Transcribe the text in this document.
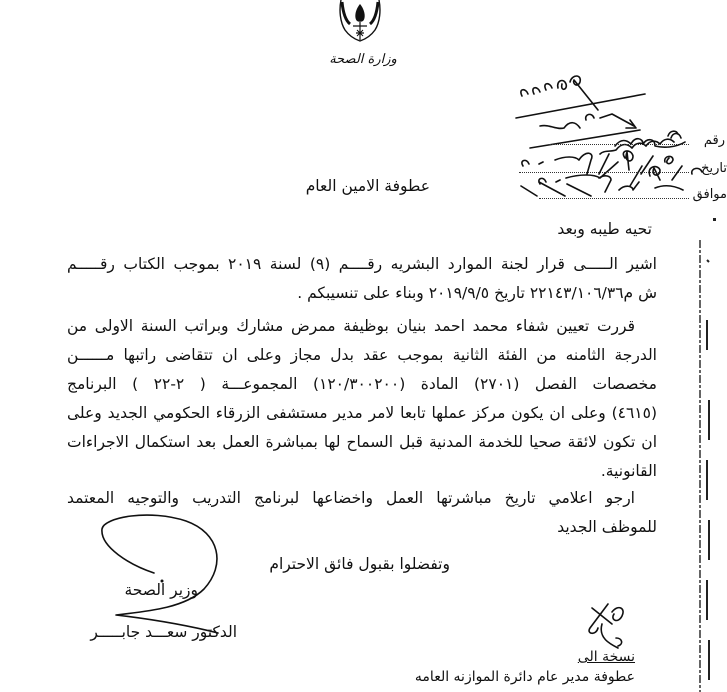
وزارة الصحة
رقم
تاريخ
موافق
عطوفة الامين العام
تحيه طيبه وبعد
اشير الـــــى قرار لجنة الموارد البشريه رقــــم (٩) لسنة ٢٠١٩ بموجب الكتاب رقـــــم
ش م٢٢١٤٣/١٠٦/٣٦ تاريخ ٢٠١٩/٩/٥ وبناء على تنسيبكم .
قررت تعيين شفاء محمد احمد بنيان بوظيفة ممرض مشارك وبراتب السنة الاولى من
الدرجة الثامنه من الفئة الثانية بموجب عقد بدل مجاز وعلى ان تتقاضى راتبها مــــــن
مخصصات الفصل (٢٧٠١) المادة (١٢٠/٣٠٠٢٠٠) المجموعـــة ( ٢-٢٢ ) البرنامج
(٤٦١٥) وعلى ان يكون مركز عملها تابعا لامر مدير مستشفى الزرقاء الحكومي الجديد وعلى
ان تكون لائقة صحيا للخدمة المدنية قبل السماح لها بمباشرة العمل بعد استكمال الاجراءات
القانونية.
ارجو اعلامي تاريخ مباشرتها العمل واخضاعها لبرنامج التدريب والتوجيه المعتمد
للموظف الجديد
وتفضلوا بقبول فائق الاحترام
وزير الصحة
الدكتور سعـــد جابـــــر
نسخة الى
عطوفة مدير عام دائرة الموازنه العامه
